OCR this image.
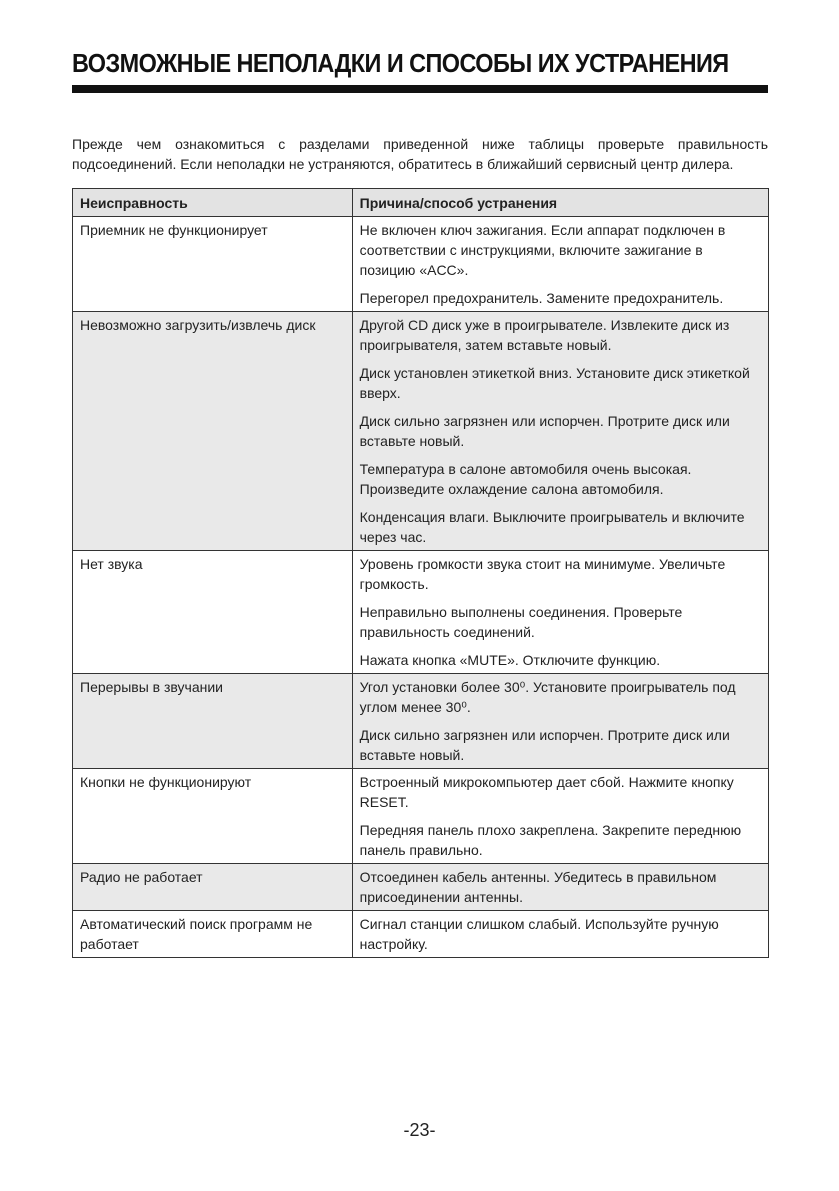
ВОЗМОЖНЫЕ НЕПОЛАДКИ И СПОСОБЫ ИХ УСТРАНЕНИЯ

Прежде чем ознакомиться с разделами приведенной ниже таблицы проверьте правильность подсоединений. Если неполадки не устраняются, обратитесь в ближайший сервисный центр дилера.

Неисправность	Причина/способ устранения
Приемник не функционирует	Не включен ключ зажигания. Если аппарат подключен в соответствии с инструкциями, включите зажигание в позицию «ACC».

Перегорел предохранитель. Замените предохранитель.

Невозможно загрузить/извлечь диск	Другой CD диск уже в проигрывателе. Извлеките диск из проигрывателя, затем вставьте новый.

Диск установлен этикеткой вниз. Установите диск этикеткой вверх.

Диск сильно загрязнен или испорчен. Протрите диск или вставьте новый.

Температура в салоне автомобиля очень высокая. Произведите охлаждение салона автомобиля.

Конденсация влаги. Выключите проигрыватель и включите через час.

Нет звука	Уровень громкости звука стоит на минимуме. Увеличьте громкость.

Неправильно выполнены соединения. Проверьте правильность соединений.

Нажата кнопка «MUTE». Отключите функцию.

Перерывы в звучании	Угол установки более 30⁰. Установите проигрыватель под углом менее 30⁰.

Диск сильно загрязнен или испорчен. Протрите диск или вставьте новый.

Кнопки не функционируют	Встроенный микрокомпьютер дает сбой. Нажмите кнопку RESET.

Передняя панель плохо закреплена. Закрепите переднюю панель правильно.

Радио не работает	Отсоединен кабель антенны. Убедитесь в правильном присоединении антенны.

Автоматический поиск программ не работает	Сигнал станции слишком слабый. Используйте ручную настройку.

-23-
